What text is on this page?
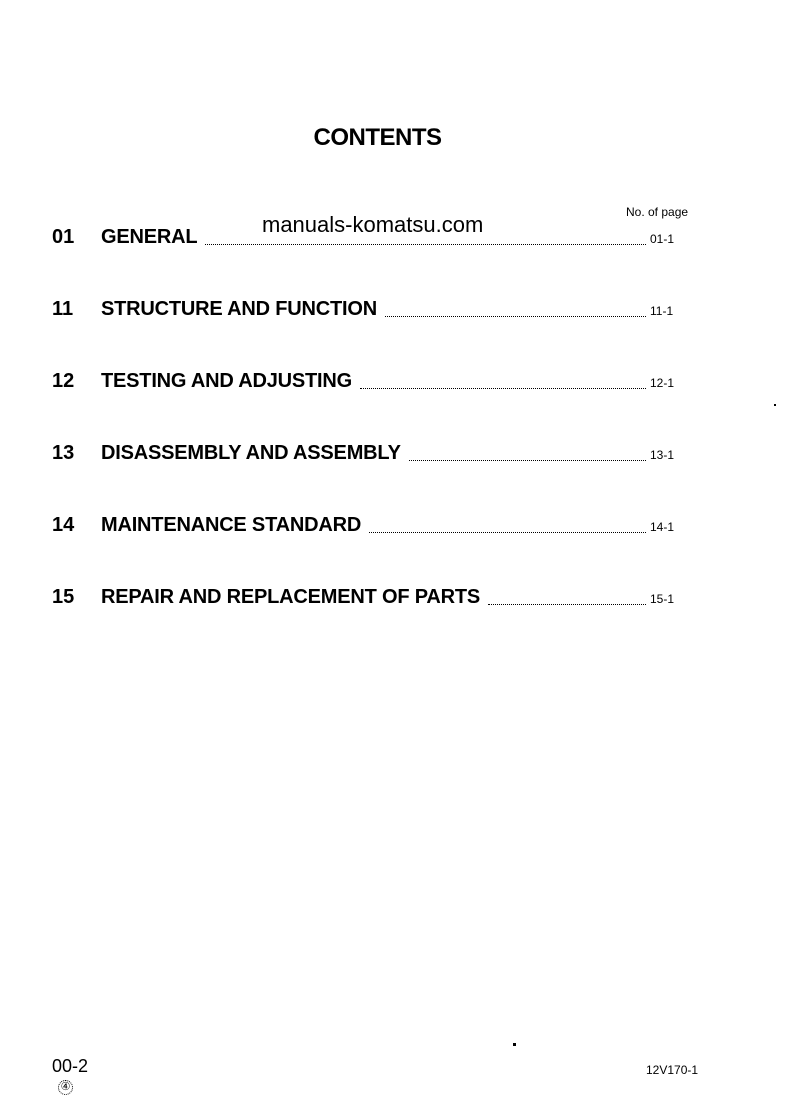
CONTENTS
No. of page
01	GENERAL	01-1
manuals-komatsu.com
11	STRUCTURE AND FUNCTION	11-1
12	TESTING AND ADJUSTING	12-1
13	DISASSEMBLY AND ASSEMBLY	13-1
14	MAINTENANCE STANDARD	14-1
15	REPAIR AND REPLACEMENT OF PARTS	15-1
00-2
④
12V170-1
